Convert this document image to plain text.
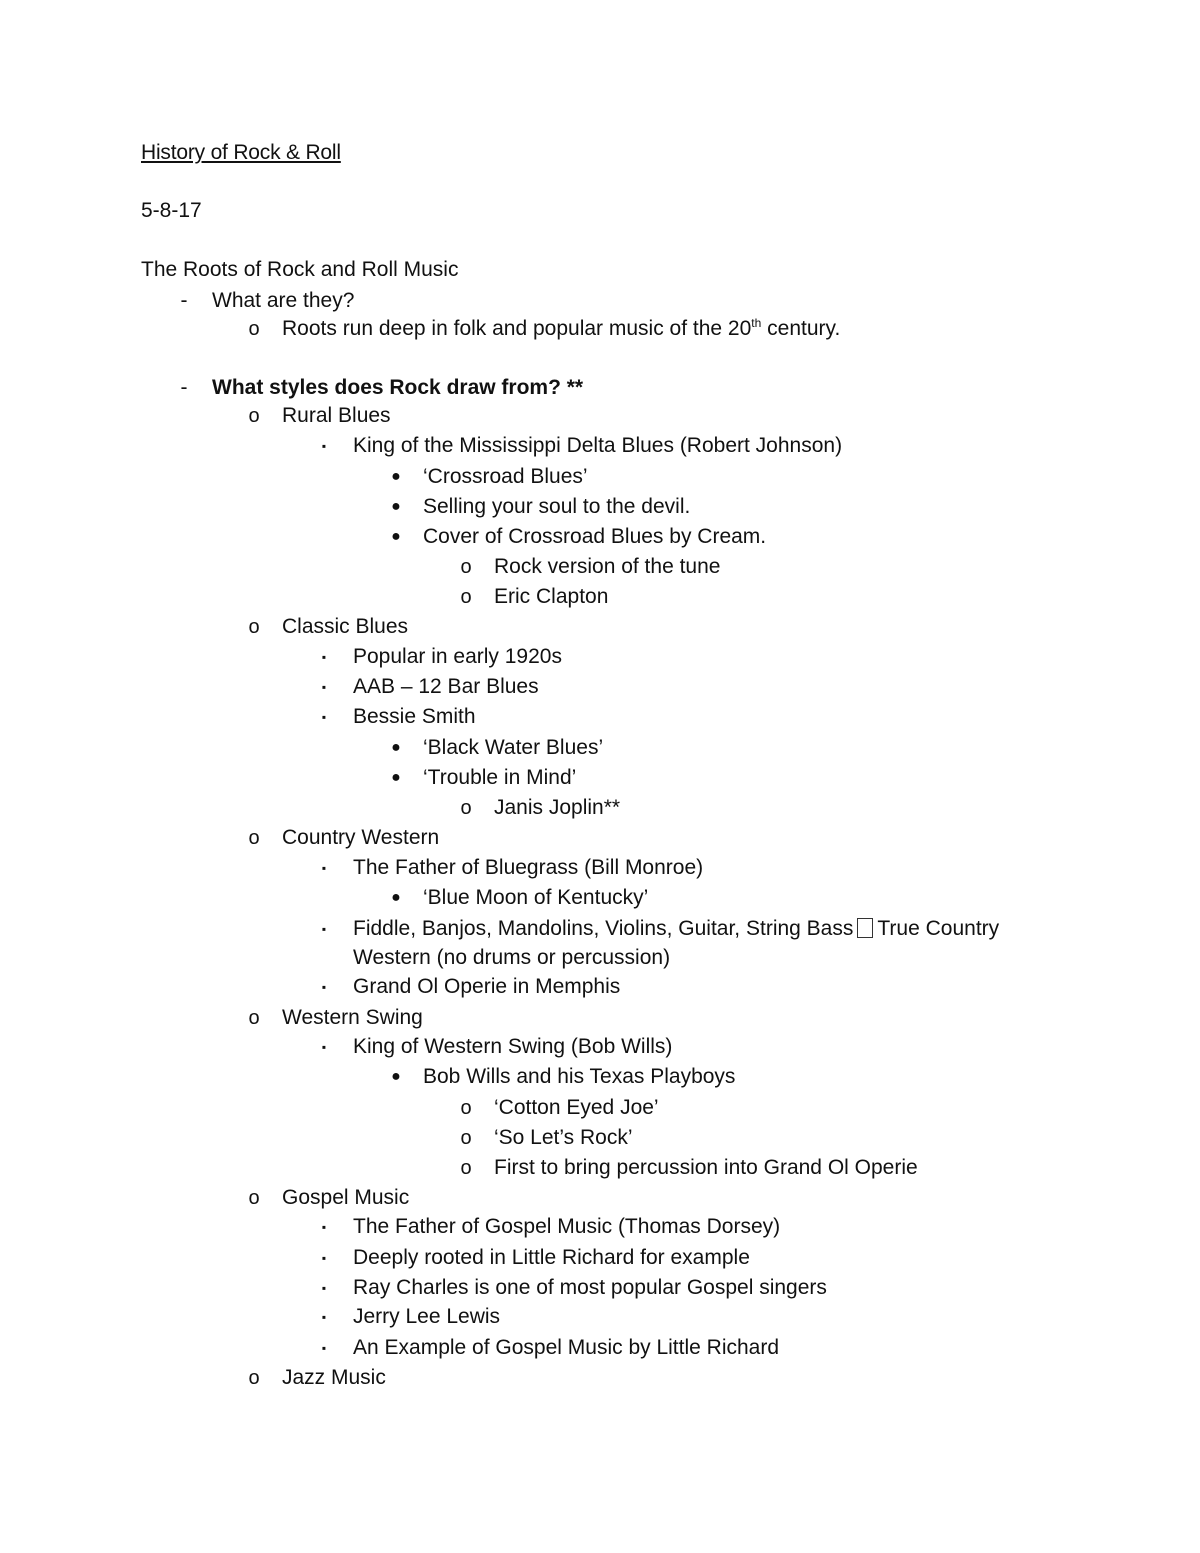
History of Rock & Roll
5-8-17
The Roots of Rock and Roll Music
-	What are they?
o Roots run deep in folk and popular music of the 20th century.
-	What styles does Rock draw from? **
o Rural Blues
▪	King of the Mississippi Delta Blues (Robert Johnson)
● ‘Crossroad Blues’
● Selling your soul to the devil.
● Cover of Crossroad Blues by Cream.
o Rock version of the tune
o Eric Clapton
o Classic Blues
▪	Popular in early 1920s
▪	AAB – 12 Bar Blues
▪	Bessie Smith
● ‘Black Water Blues’
● ‘Trouble in Mind’
o Janis Joplin**
o Country Western
▪	The Father of Bluegrass (Bill Monroe)
● ‘Blue Moon of Kentucky’
▪	Fiddle, Banjos, Mandolins, Violins, Guitar, String Bass True Country
Western (no drums or percussion)
▪	Grand Ol Operie in Memphis
o Western Swing
▪	King of Western Swing (Bob Wills)
● Bob Wills and his Texas Playboys
o ‘Cotton Eyed Joe’
o ‘So Let’s Rock’
o First to bring percussion into Grand Ol Operie
o Gospel Music
▪	The Father of Gospel Music (Thomas Dorsey)
▪	Deeply rooted in Little Richard for example
▪	Ray Charles is one of most popular Gospel singers
▪	Jerry Lee Lewis
▪	An Example of Gospel Music by Little Richard
o Jazz Music
